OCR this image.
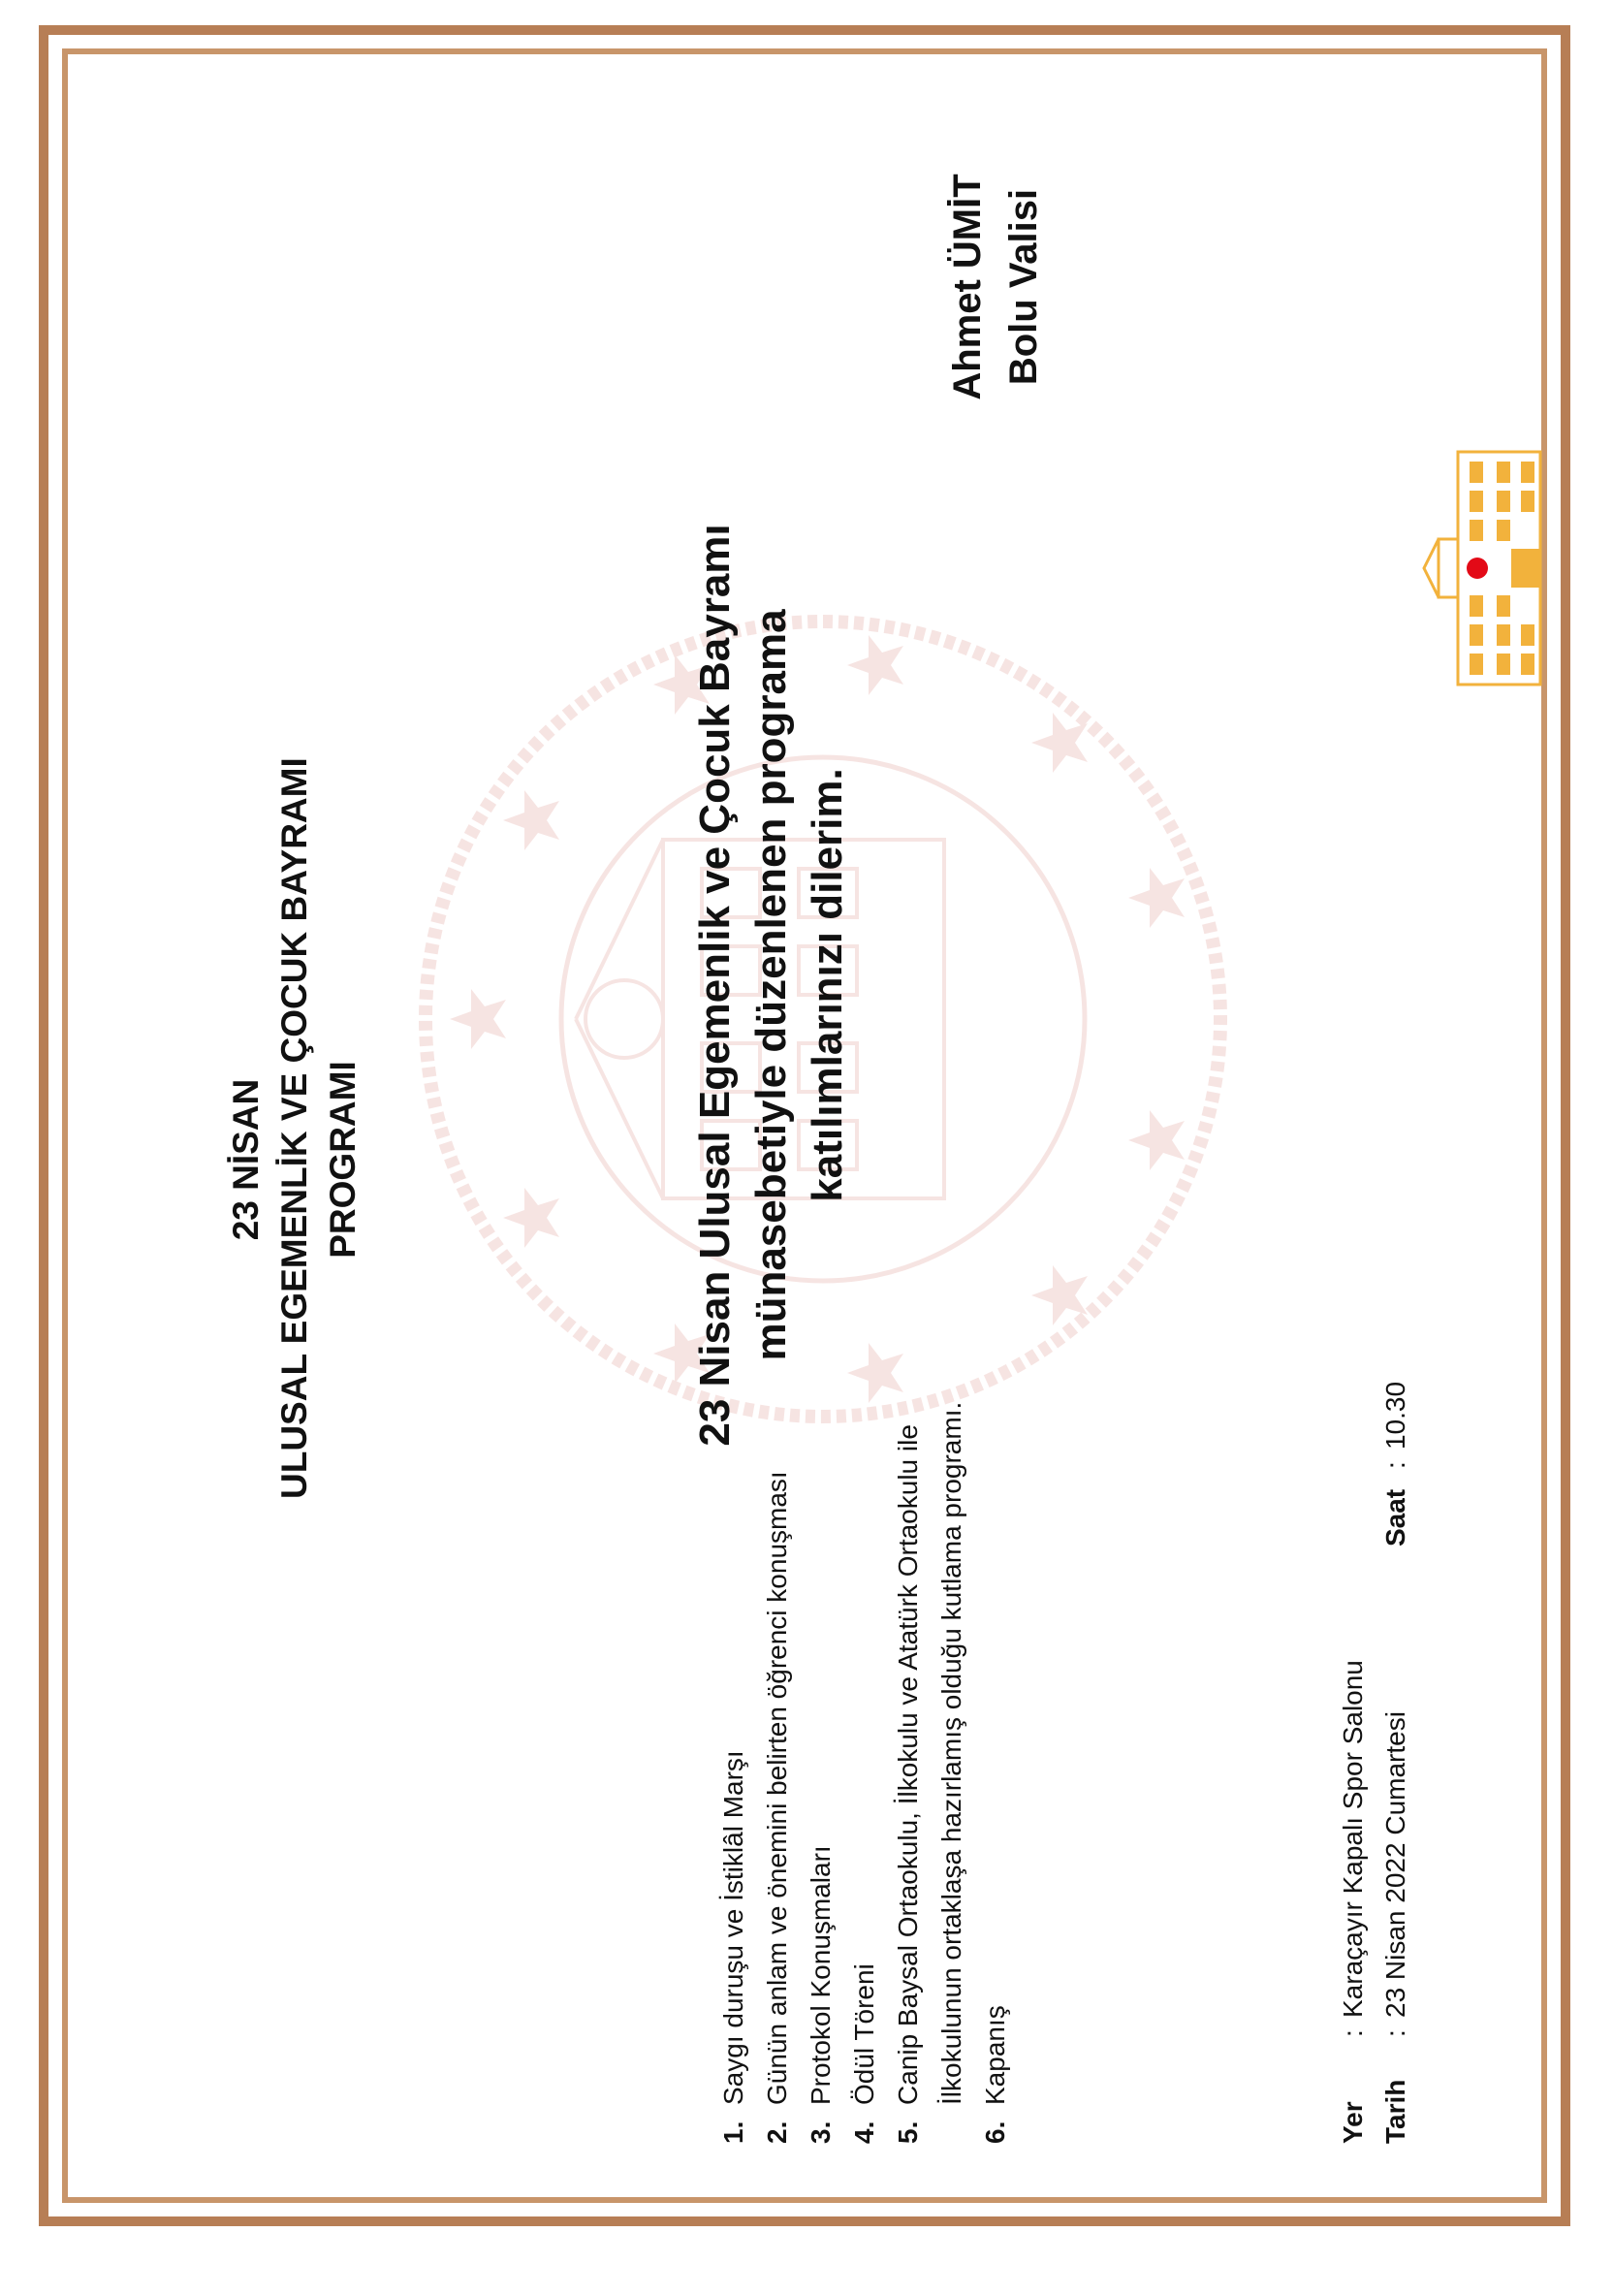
23 NİSAN ULUSAL EGEMENLİK VE ÇOCUK BAYRAMI PROGRAMI	23 Nisan Ulusal Egemenlik ve Çocuk Bayramı münasebetiyle düzenlenen programa katılımlarınızı dilerim.
Ahmet ÜMİT Bolu Valisi
1.
Saygı duruşu ve İstiklâl Marşı
2.
Günün anlam ve önemini belirten öğrenci konuşması
3.
Protokol Konuşmaları
4.
Ödül Töreni
5.
Canip Baysal Ortaokulu, İlkokulu ve Atatürk Ortaokulu ile İlkokulunun ortaklaşa hazırlamış olduğu kutlama programı.
6.
Kapanış
Yer
:
Karaçayır Kapalı Spor Salonu
Tarih
:
23 Nisan 2022 Cumartesi
Saat
:
10.30
